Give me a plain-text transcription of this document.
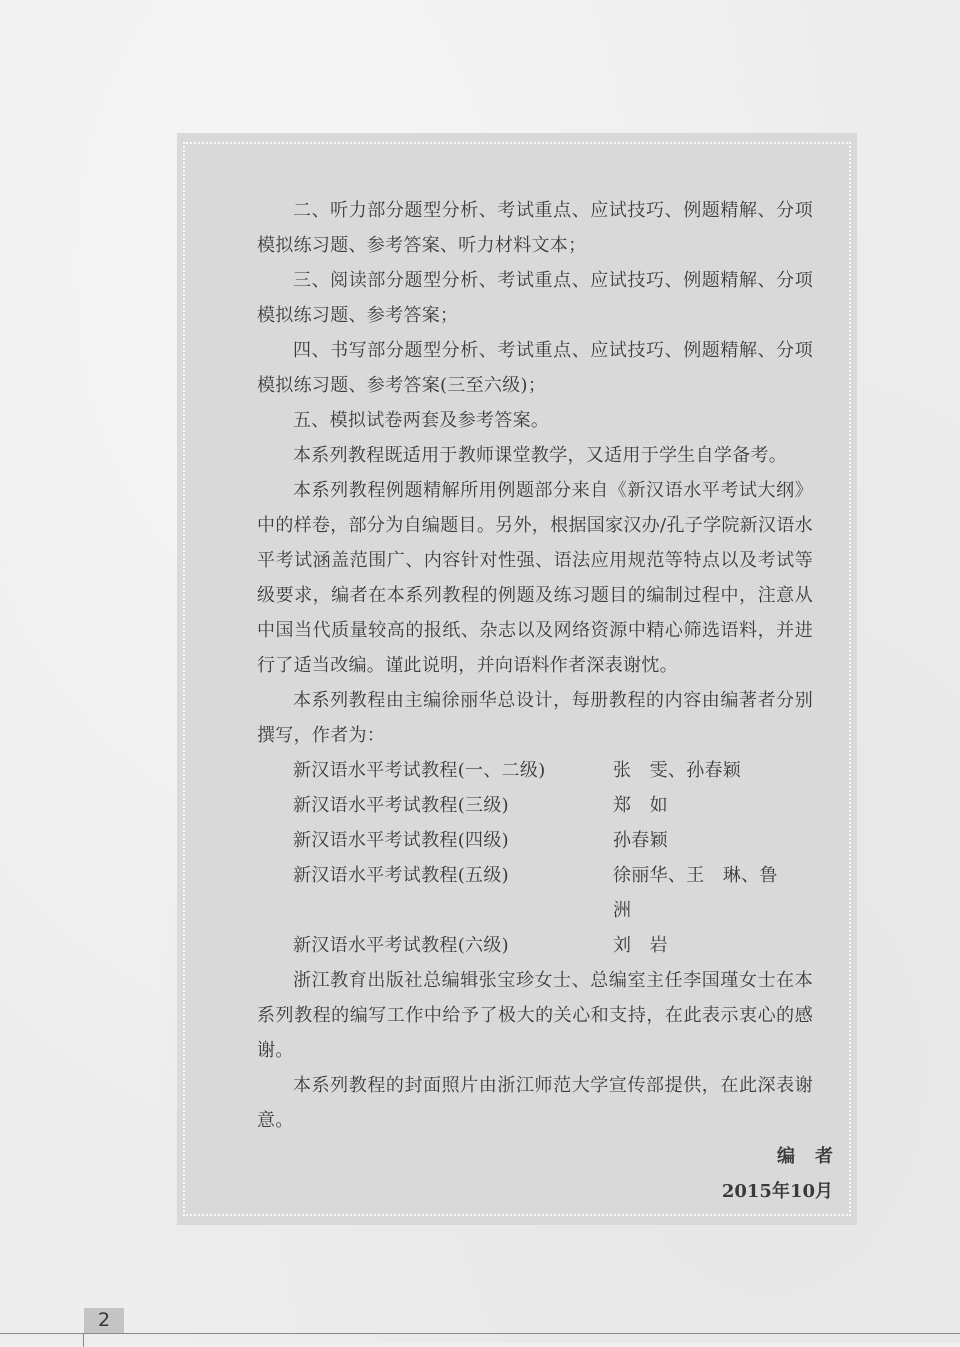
二、听力部分题型分析、考试重点、应试技巧、例题精解、分项模拟练习题、参考答案、听力材料文本；

三、阅读部分题型分析、考试重点、应试技巧、例题精解、分项模拟练习题、参考答案；

四、书写部分题型分析、考试重点、应试技巧、例题精解、分项模拟练习题、参考答案(三至六级)；

五、模拟试卷两套及参考答案。

本系列教程既适用于教师课堂教学，又适用于学生自学备考。

本系列教程例题精解所用例题部分来自《新汉语水平考试大纲》中的样卷，部分为自编题目。另外，根据国家汉办/孔子学院新汉语水平考试涵盖范围广、内容针对性强、语法应用规范等特点以及考试等级要求，编者在本系列教程的例题及练习题目的编制过程中，注意从中国当代质量较高的报纸、杂志以及网络资源中精心筛选语料，并进行了适当改编。谨此说明，并向语料作者深表谢忱。

本系列教程由主编徐丽华总设计，每册教程的内容由编著者分别撰写，作者为：

新汉语水平考试教程(一、二级)	张　雯、孙春颖
新汉语水平考试教程(三级)	郑　如
新汉语水平考试教程(四级)	孙春颖
新汉语水平考试教程(五级)	徐丽华、王　琳、鲁　洲
新汉语水平考试教程(六级)	刘　岩

浙江教育出版社总编辑张宝珍女士、总编室主任李国瑾女士在本系列教程的编写工作中给予了极大的关心和支持，在此表示衷心的感谢。

本系列教程的封面照片由浙江师范大学宣传部提供，在此深表谢意。

编者
2015年10月
2
